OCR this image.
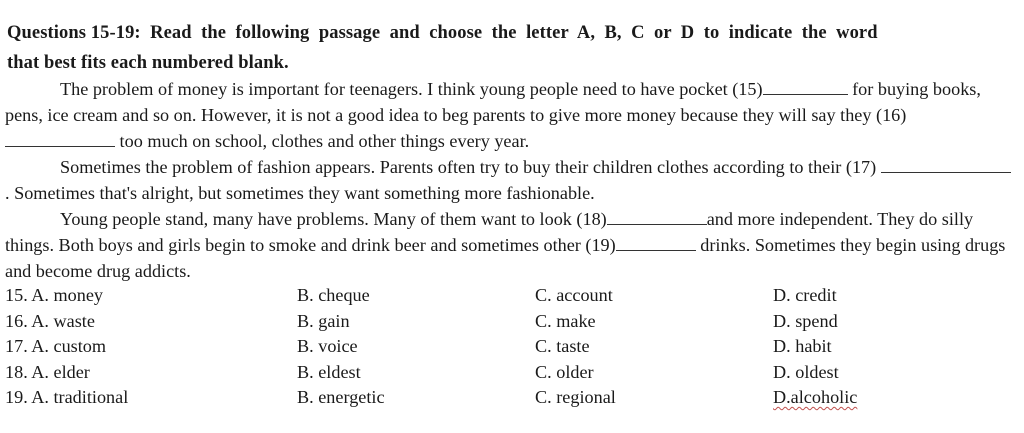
Questions 15-19:  Read  the  following  passage  and  choose  the  letter  A,  B,  C  or  D  to  indicate  the  word
that best fits each numbered blank.

The problem of money is important for teenagers. I think young people need to have pocket (15)	for buying books, pens, ice cream and so on. However, it is not a good idea to beg parents to give more money because they will say they (16)  too much on school, clothes and other things every year.

Sometimes the problem of fashion appears. Parents often try to buy their children clothes according to their (17) . Sometimes that's alright, but sometimes they want something more fashionable.

Young people stand, many have problems. Many of them want to look (18)	and more independent. They do silly things. Both boys and girls begin to smoke and drink beer and sometimes other (19)	drinks. Sometimes they begin using drugs and become drug addicts.

15. A. money	B. cheque	C. account	D. credit
16. A. waste	B. gain	C. make	D. spend
17. A. custom	B. voice	C. taste	D. habit
18. A. elder	B. eldest	C. older	D. oldest
19. A. traditional	B. energetic	C. regional	D.alcoholic
